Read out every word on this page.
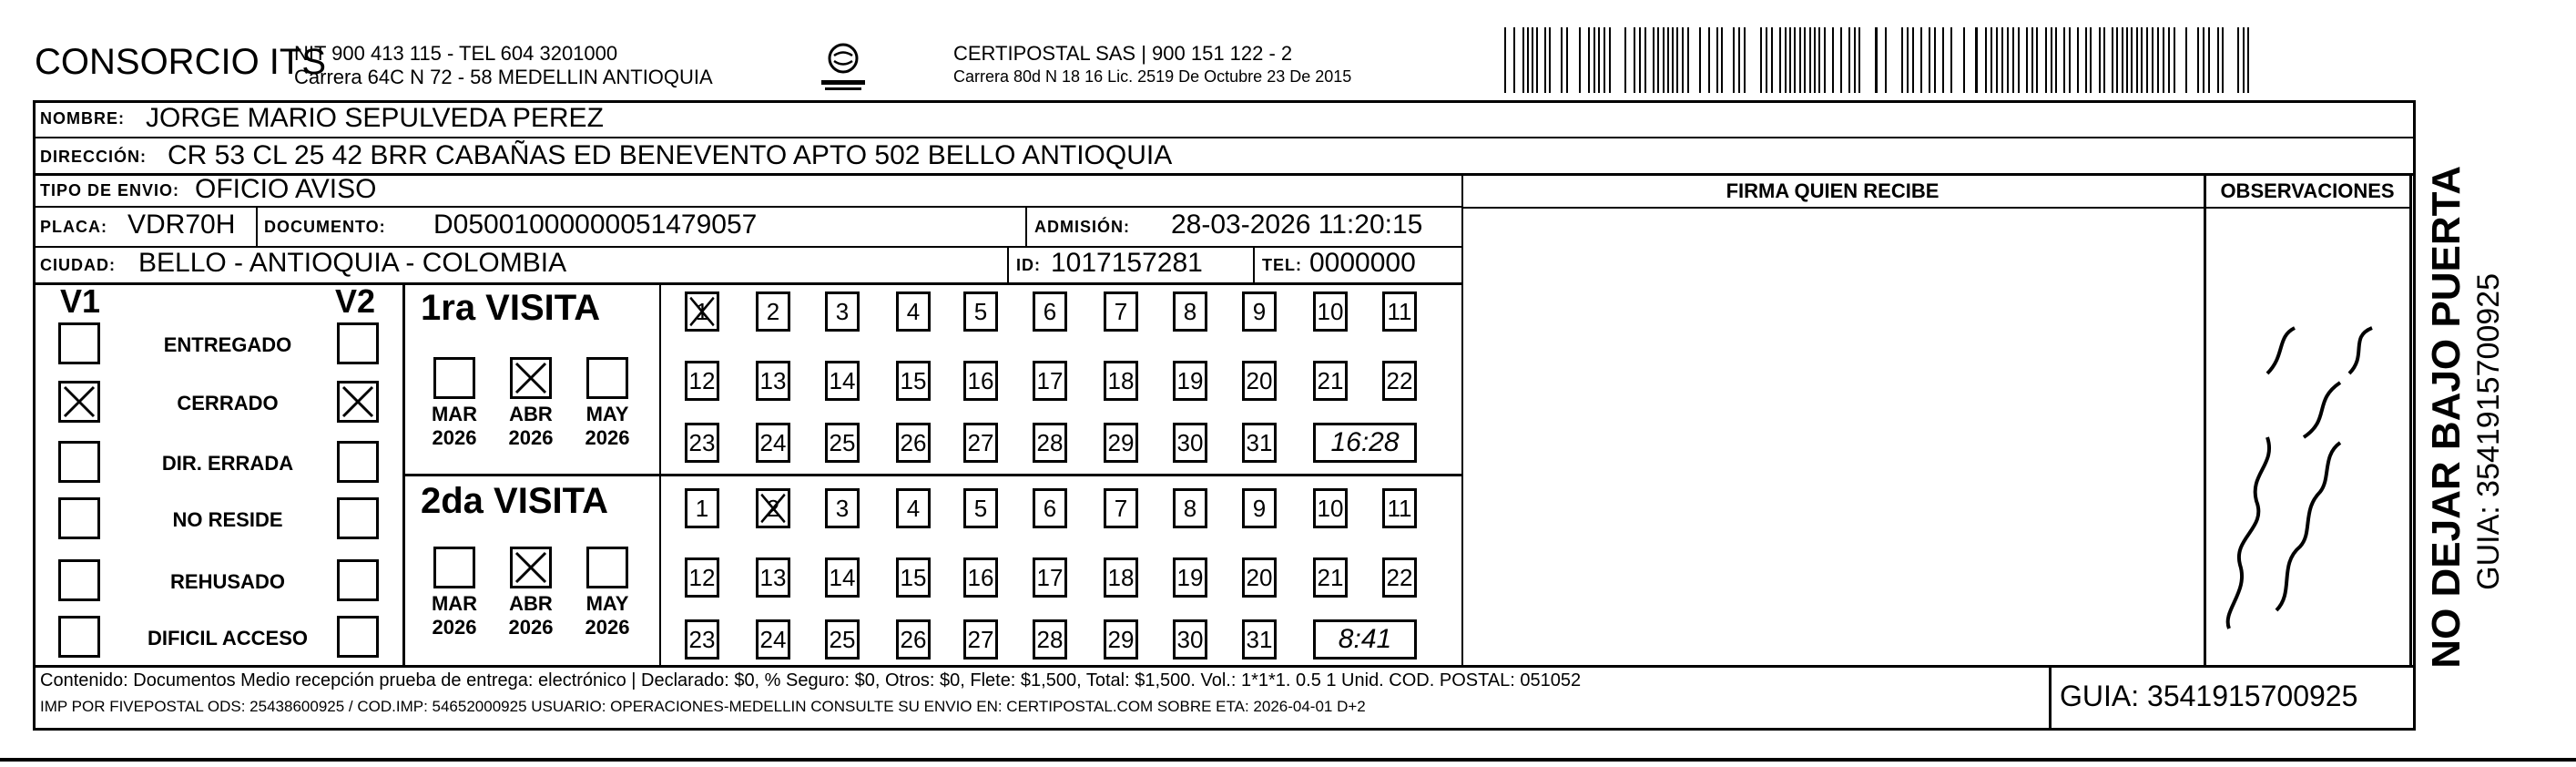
CONSORCIO ITS
NIT 900 413 115 - TEL 604 3201000
Carrera 64C N 72 - 58 MEDELLIN ANTIOQUIA
CERTIPOSTAL SAS | 900 151 122 - 2
Carrera 80d N 18 16 Lic. 2519 De Octubre 23 De 2015
NOMBRE: JORGE MARIO SEPULVEDA PEREZ
DIRECCIÓN: CR 53 CL 25 42 BRR CABAÑAS ED BENEVENTO APTO 502 BELLO ANTIOQUIA
FIRMA QUIEN RECIBE	OBSERVACIONES
TIPO DE ENVIO: OFICIO AVISO
PLACA: VDR70H DOCUMENTO: D05001000000051479057	ADMISIÓN: 28-03-2026 11:20:15
CIUDAD: BELLO - ANTIOQUIA - COLOMBIA	ID: 1017157281	TEL: 0000000
V1	V2
ENTREGADO
CERRADO
DIR. ERRADA
NO RESIDE
REHUSADO
DIFICIL ACCESO
1ra VISITA
2da VISITA
MAR
2026
ABR
2026
MAY
2026
MAR
2026
ABR
2026
MAY
2026
1	2	3	4	5	6	7	8	9	10 11
12 13 14 15 16 17 18 19 20 21 22
23 24 25 26 27 28 29 30 31	16:28
1	2	3	4	5	6	7	8	9	10 11
12 13 14 15 16 17 18 19 20 21 22
23 24 25 26 27 28 29 30 31	8:41
Contenido: Documentos Medio recepción prueba de entrega: electrónico | Declarado: $0, % Seguro: $0, Otros: $0, Flete: $1,500, Total: $1,500. Vol.: 1*1*1. 0.5 1 Unid. COD. POSTAL: 051052
IMP POR FIVEPOSTAL ODS: 25438600925 / COD.IMP: 54652000925 USUARIO: OPERACIONES-MEDELLIN CONSULTE SU ENVIO EN: CERTIPOSTAL.COM SOBRE ETA: 2026-04-01 D+2	GUIA: 3541915700925
NO DEJAR BAJO PUERTA GUIA: 3541915700925
